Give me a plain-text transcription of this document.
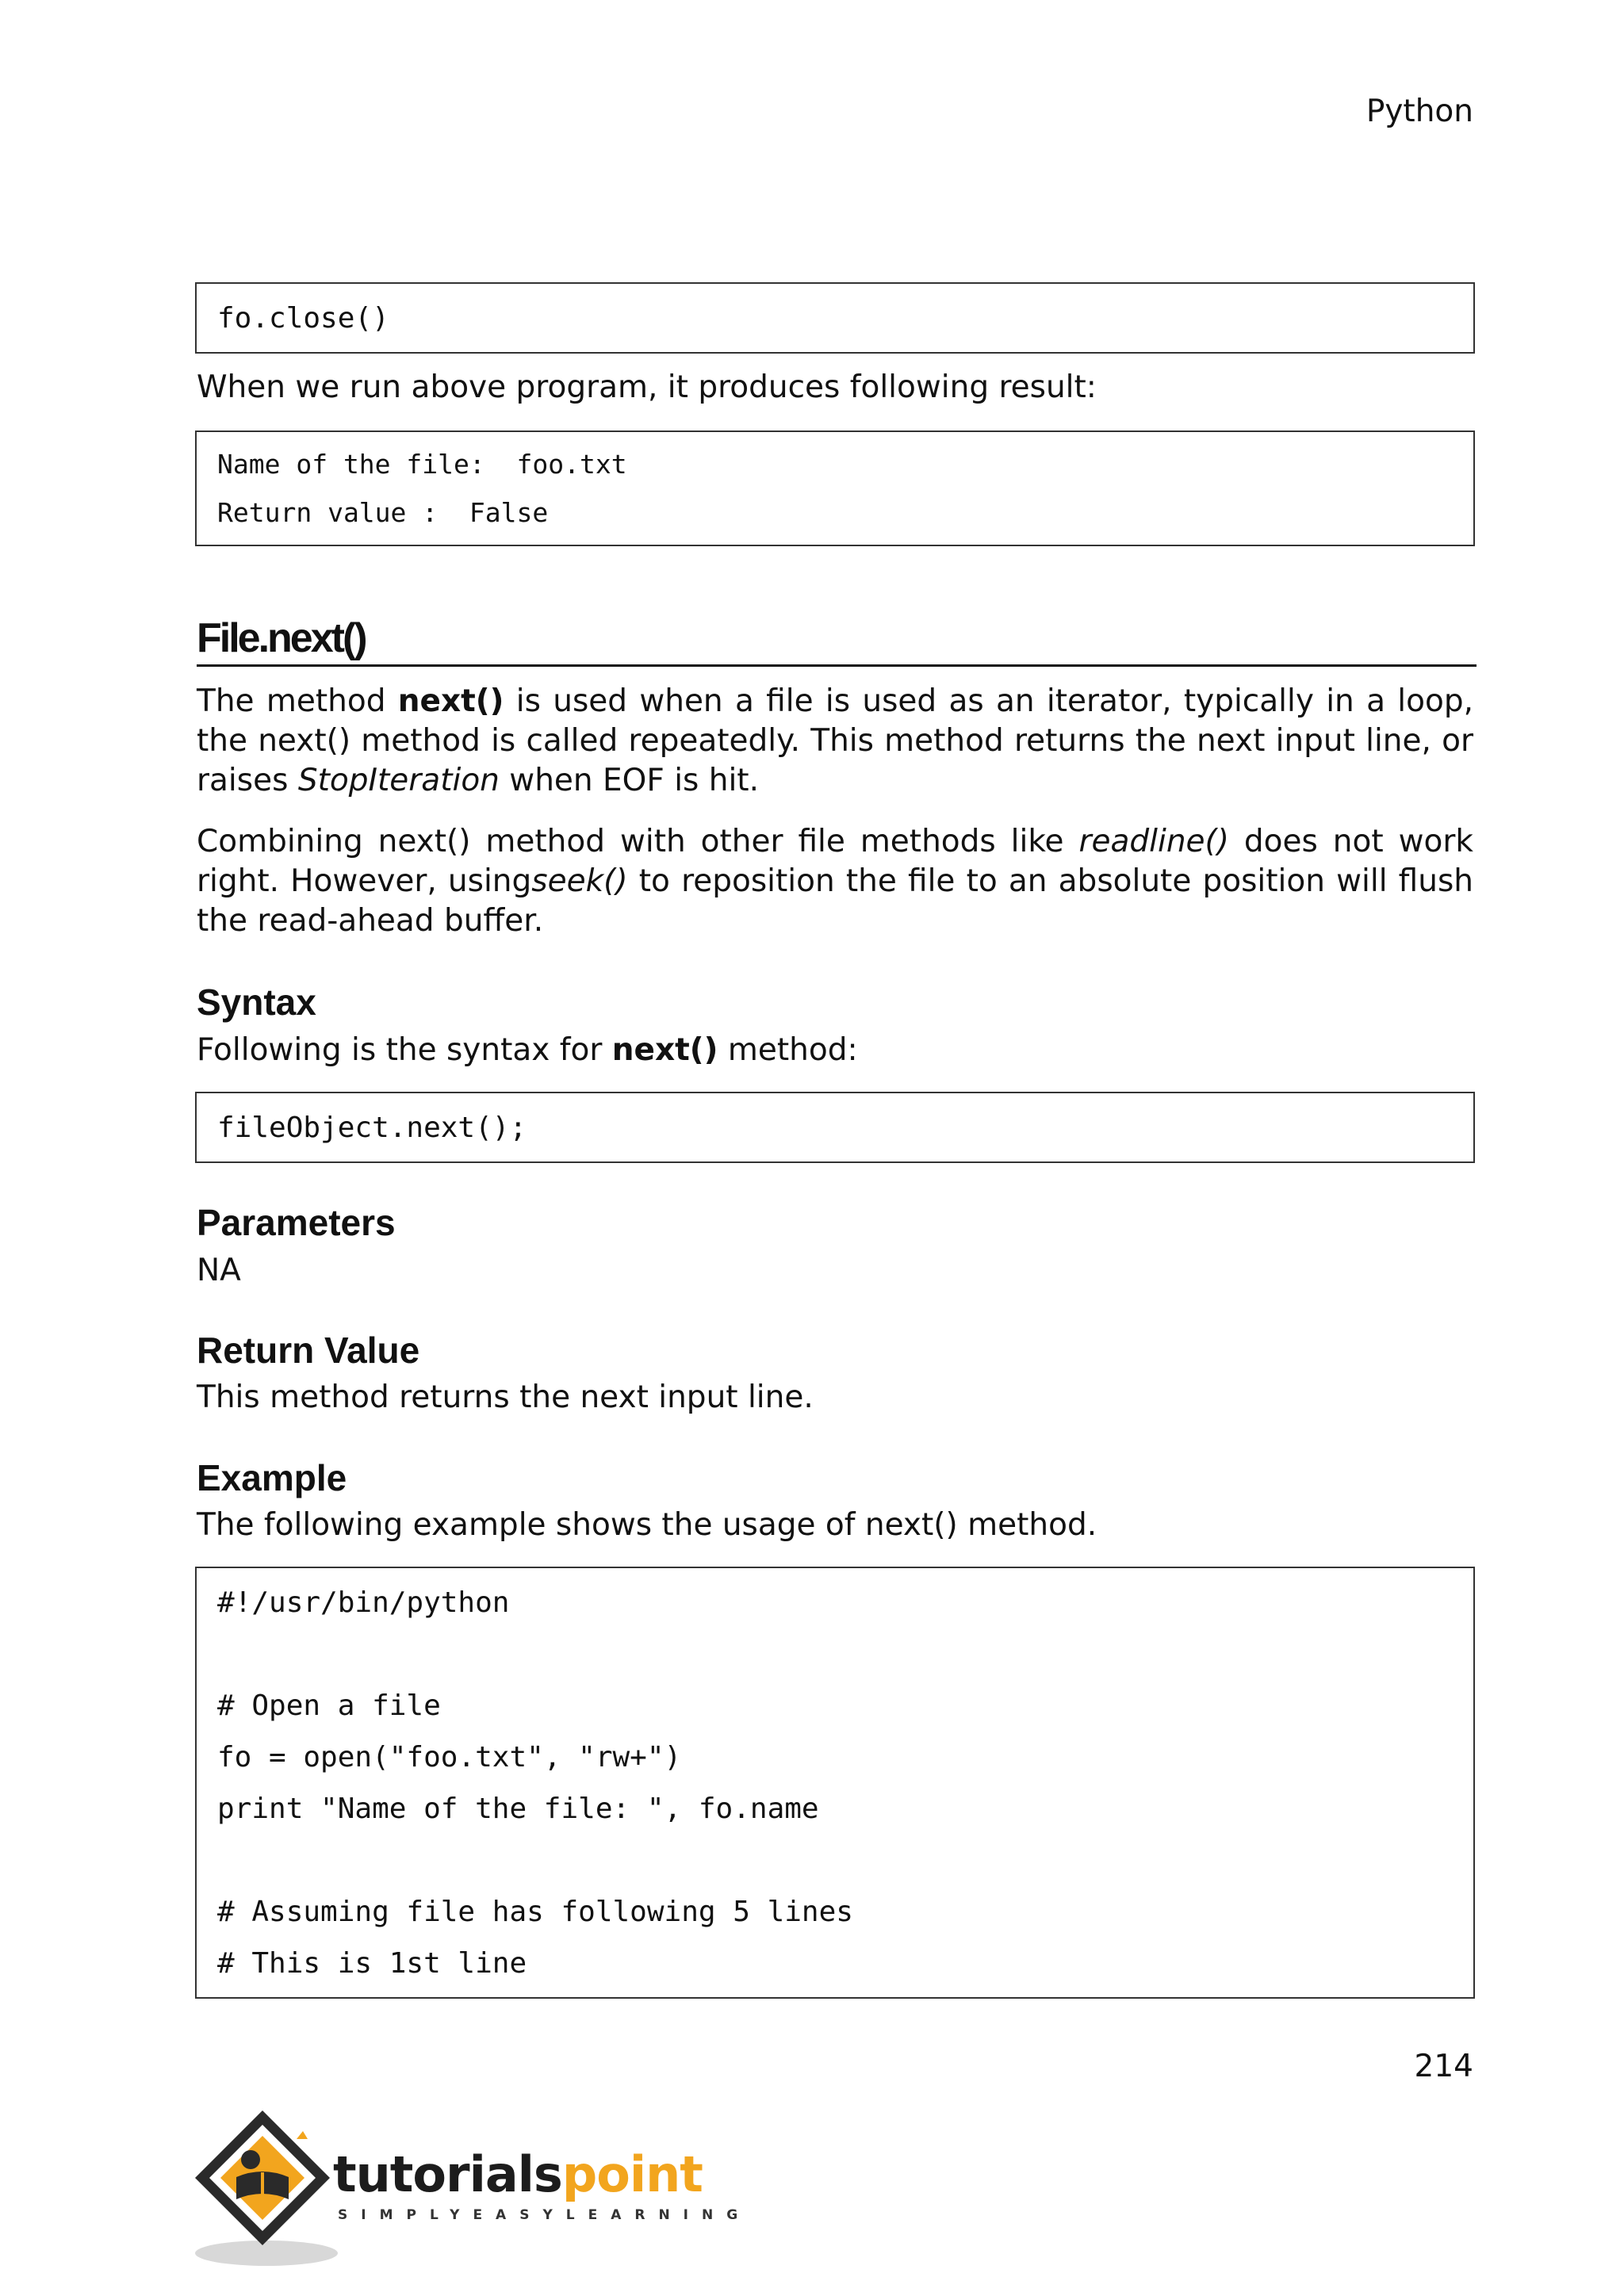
Python
fo.close()
When we run above program, it produces following result:
Name of the file:  foo.txt
Return value :  False
File.next()
The method next() is used when a file is used as an iterator, typically in a loop, the next() method is called repeatedly. This method returns the next input line, or raises StopIteration when EOF is hit.
Combining next() method with other file methods like readline() does not work right. However, usingseek() to reposition the file to an absolute position will flush the read-ahead buffer.
Syntax
Following is the syntax for next() method:
fileObject.next();
Parameters
NA
Return Value
This method returns the next input line.
Example
The following example shows the usage of next() method.
#!/usr/bin/python
# Open a file
fo = open("foo.txt", "rw+")
print "Name of the file: ", fo.name
# Assuming file has following 5 lines
# This is 1st line
214
tutorialspoint
SIMPLYEASYLEARNING
